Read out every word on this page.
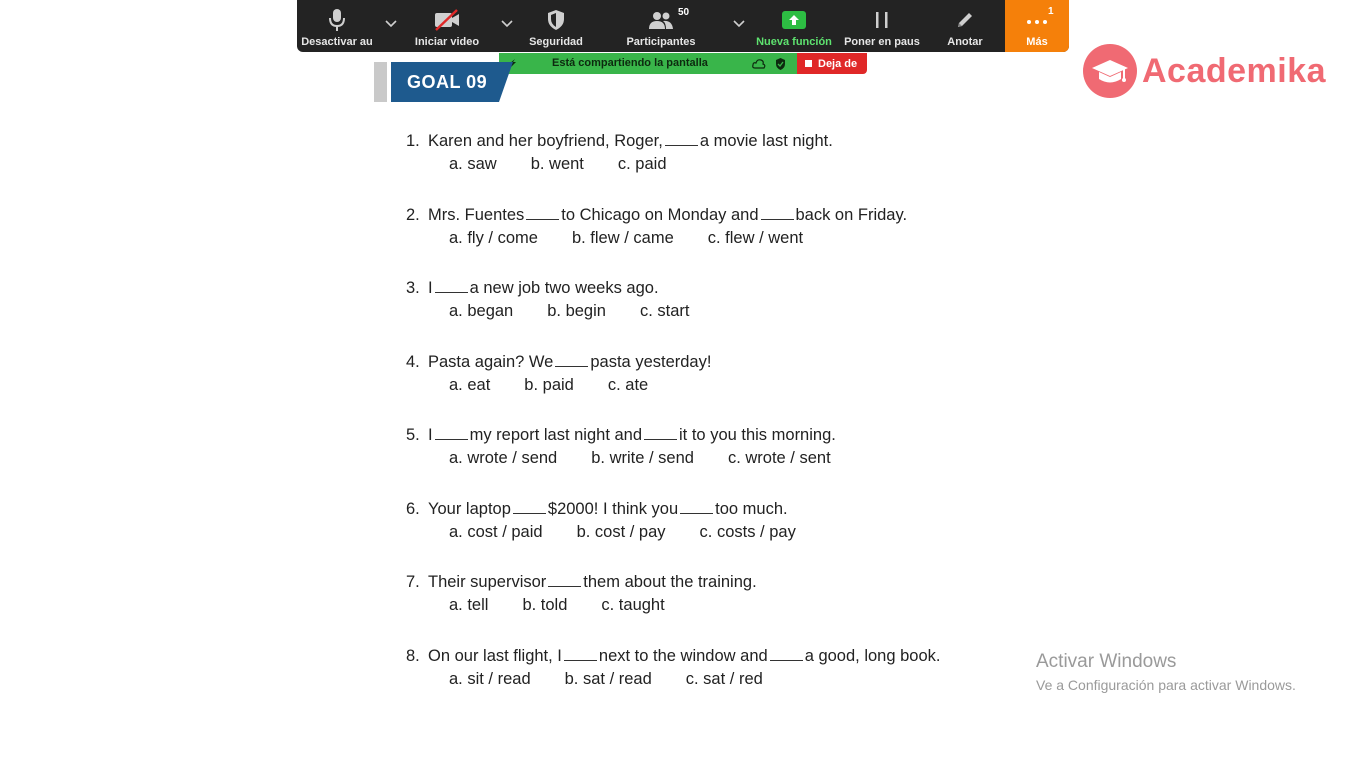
Desactivar au	Iniciar video	Seguridad	Participantes
50
Nueva función Poner en paus Anotar	Más
1
Está compartiendo la pantalla	Deja de	Academika
GOAL 09
1. Karen and her boyfriend, Roger, a movie last night.
a. saw b. went c. paid
2. Mrs. Fuentes to Chicago on Monday and back on Friday.
a. fly / come b. flew / came c. flew / went
3. I a new job two weeks ago.
a. began b. begin c. start
4. Pasta again? We pasta yesterday!
a. eat b. paid c. ate
5. I my report last night and it to you this morning.
a. wrote / send b. write / send c. wrote / sent
6. Your laptop $2000! I think you too much.
a. cost / paid b. cost / pay c. costs / pay
7. Their supervisor them about the training.
a. tell b. told c. taught
8. On our last flight, I next to the window and a good, long book.
a. sit / read b. sat / read c. sat / red
Activar Windows
Ve a Configuración para activar Windows.
